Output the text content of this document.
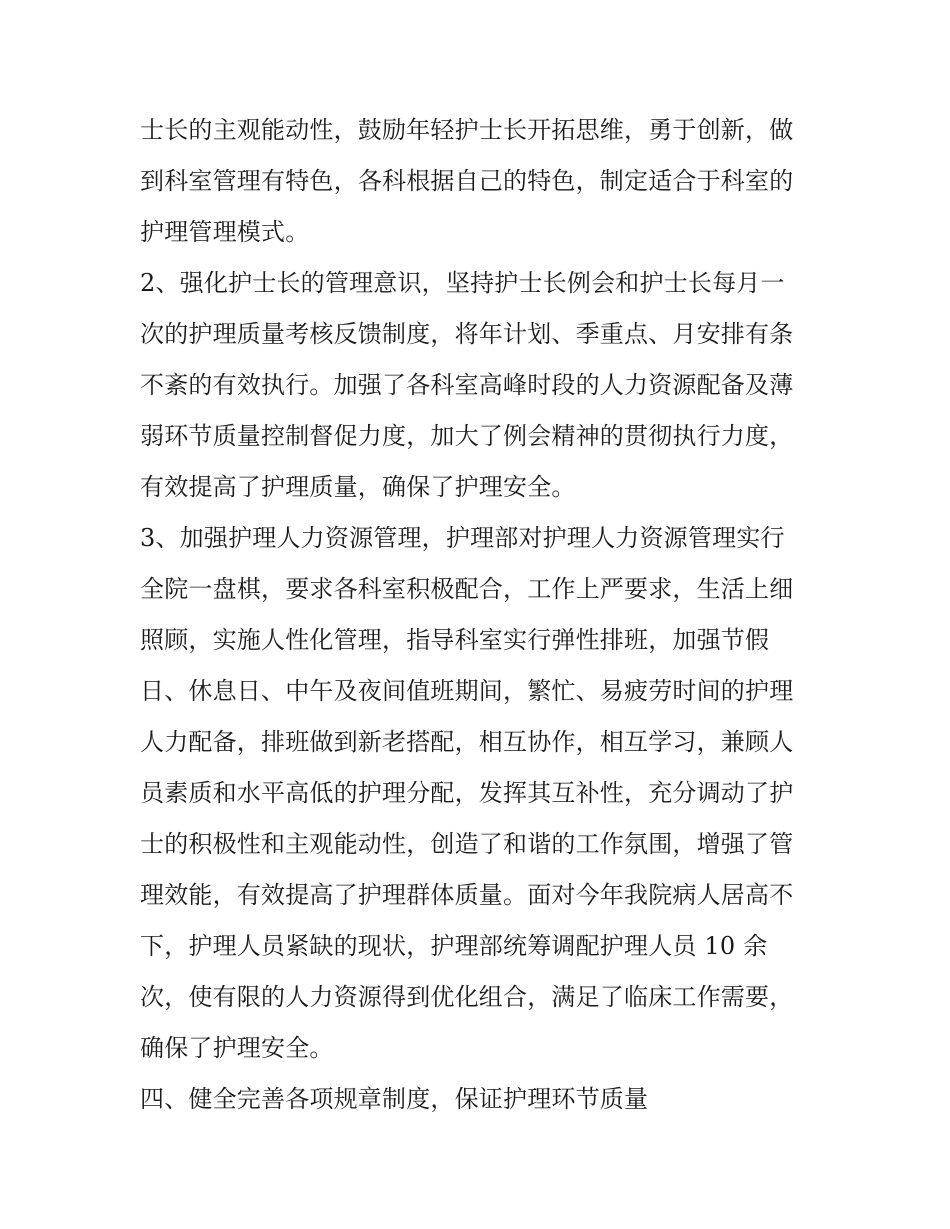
士长的主观能动性，鼓励年轻护士长开拓思维，勇于创新，做
到科室管理有特色，各科根据自己的特色，制定适合于科室的
护理管理模式。
2、强化护士长的管理意识，坚持护士长例会和护士长每月一
次的护理质量考核反馈制度，将年计划、季重点、月安排有条
不紊的有效执行。加强了各科室高峰时段的人力资源配备及薄
弱环节质量控制督促力度，加大了例会精神的贯彻执行力度，
有效提高了护理质量，确保了护理安全。
3、加强护理人力资源管理，护理部对护理人力资源管理实行
全院一盘棋，要求各科室积极配合，工作上严要求，生活上细
照顾，实施人性化管理，指导科室实行弹性排班，加强节假
日、休息日、中午及夜间值班期间，繁忙、易疲劳时间的护理
人力配备，排班做到新老搭配，相互协作，相互学习，兼顾人
员素质和水平高低的护理分配，发挥其互补性，充分调动了护
士的积极性和主观能动性，创造了和谐的工作氛围，增强了管
理效能，有效提高了护理群体质量。面对今年我院病人居高不
下，护理人员紧缺的现状，护理部统筹调配护理人员 10 余
次，使有限的人力资源得到优化组合，满足了临床工作需要，
确保了护理安全。
四、健全完善各项规章制度，保证护理环节质量
